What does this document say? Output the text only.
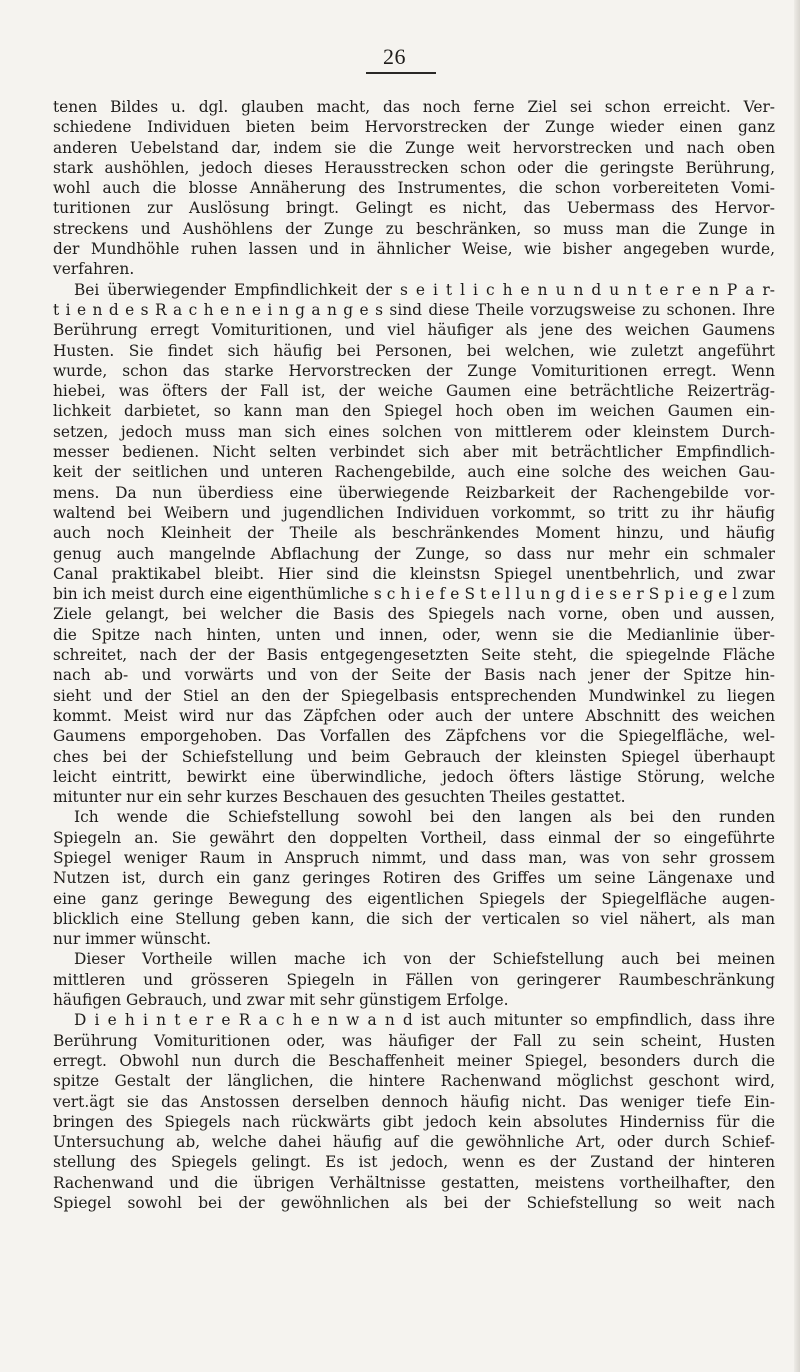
26
tenen Bildes u. dgl. glauben macht, das noch ferne Ziel sei schon erreicht. Ver-
schiedene Individuen bieten beim Hervorstrecken der Zunge wieder einen ganz
anderen Uebelstand dar, indem sie die Zunge weit hervorstrecken und nach oben
stark aushöhlen, jedoch dieses Herausstrecken schon oder die geringste Berührung,
wohl auch die blosse Annäherung des Instrumentes, die schon vorbereiteten Vomi-
turitionen zur Auslösung bringt. Gelingt es nicht, das Uebermass des Hervor-
streckens und Aushöhlens der Zunge zu beschränken, so muss man die Zunge in
der Mundhöhle ruhen lassen und in ähnlicher Weise, wie bisher angegeben wurde,
verfahren.
Bei überwiegender Empfindlichkeit der s e i t l i c h e n u n d u n t e r e n P a r-
t i e n d e s R a c h e n e i n g a n g e s sind diese Theile vorzugsweise zu schonen. Ihre
Berührung erregt Vomituritionen, und viel häufiger als jene des weichen Gaumens
Husten. Sie findet sich häufig bei Personen, bei welchen, wie zuletzt angeführt
wurde, schon das starke Hervorstrecken der Zunge Vomituritionen erregt. Wenn
hiebei, was öfters der Fall ist, der weiche Gaumen eine beträchtliche Reizerträg-
lichkeit darbietet, so kann man den Spiegel hoch oben im weichen Gaumen ein-
setzen, jedoch muss man sich eines solchen von mittlerem oder kleinstem Durch-
messer bedienen. Nicht selten verbindet sich aber mit beträchtlicher Empfindlich-
keit der seitlichen und unteren Rachengebilde, auch eine solche des weichen Gau-
mens. Da nun überdiess eine überwiegende Reizbarkeit der Rachengebilde vor-
waltend bei Weibern und jugendlichen Individuen vorkommt, so tritt zu ihr häufig
auch noch Kleinheit der Theile als beschränkendes Moment hinzu, und häufig
genug auch mangelnde Abflachung der Zunge, so dass nur mehr ein schmaler
Canal praktikabel bleibt. Hier sind die kleinstsn Spiegel unentbehrlich, und zwar
bin ich meist durch eine eigenthümliche s c h i e f e S t e l l u n g d i e s e r S p i e g e l zum
Ziele gelangt, bei welcher die Basis des Spiegels nach vorne, oben und aussen,
die Spitze nach hinten, unten und innen, oder, wenn sie die Medianlinie über-
schreitet, nach der der Basis entgegengesetzten Seite steht, die spiegelnde Fläche
nach ab- und vorwärts und von der Seite der Basis nach jener der Spitze hin-
sieht und der Stiel an den der Spiegelbasis entsprechenden Mundwinkel zu liegen
kommt. Meist wird nur das Zäpfchen oder auch der untere Abschnitt des weichen
Gaumens emporgehoben. Das Vorfallen des Zäpfchens vor die Spiegelfläche, wel-
ches bei der Schiefstellung und beim Gebrauch der kleinsten Spiegel überhaupt
leicht eintritt, bewirkt eine überwindliche, jedoch öfters lästige Störung, welche
mitunter nur ein sehr kurzes Beschauen des gesuchten Theiles gestattet.
Ich wende die Schiefstellung sowohl bei den langen als bei den runden
Spiegeln an. Sie gewährt den doppelten Vortheil, dass einmal der so eingeführte
Spiegel weniger Raum in Anspruch nimmt, und dass man, was von sehr grossem
Nutzen ist, durch ein ganz geringes Rotiren des Griffes um seine Längenaxe und
eine ganz geringe Bewegung des eigentlichen Spiegels der Spiegelfläche augen-
blicklich eine Stellung geben kann, die sich der verticalen so viel nähert, als man
nur immer wünscht.
Dieser Vortheile willen mache ich von der Schiefstellung auch bei meinen
mittleren und grösseren Spiegeln in Fällen von geringerer Raumbeschränkung
häufigen Gebrauch, und zwar mit sehr günstigem Erfolge.
D i e h i n t e r e R a c h e n w a n d ist auch mitunter so empfindlich, dass ihre
Berührung Vomituritionen oder, was häufiger der Fall zu sein scheint, Husten
erregt. Obwohl nun durch die Beschaffenheit meiner Spiegel, besonders durch die
spitze Gestalt der länglichen, die hintere Rachenwand möglichst geschont wird,
vert.ägt sie das Anstossen derselben dennoch häufig nicht. Das weniger tiefe Ein-
bringen des Spiegels nach rückwärts gibt jedoch kein absolutes Hinderniss für die
Untersuchung ab, welche dahei häufig auf die gewöhnliche Art, oder durch Schief-
stellung des Spiegels gelingt. Es ist jedoch, wenn es der Zustand der hinteren
Rachenwand und die übrigen Verhältnisse gestatten, meistens vortheilhafter, den
Spiegel sowohl bei der gewöhnlichen als bei der Schiefstellung so weit nach
